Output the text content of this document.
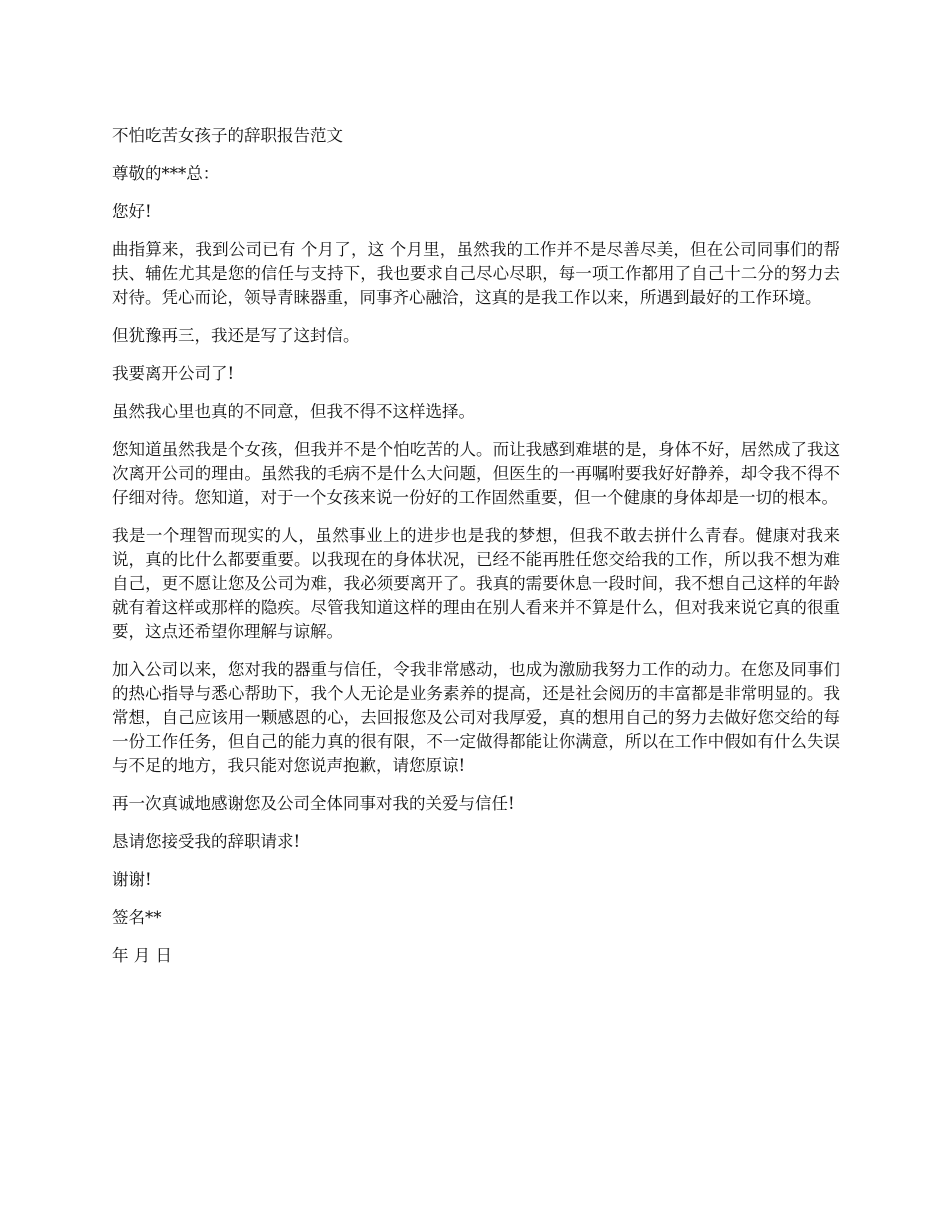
不怕吃苦女孩子的辞职报告范文

尊敬的***总：

您好!

曲指算来，我到公司已有 个月了，这 个月里，虽然我的工作并不是尽善尽美，但在公司同事们的帮扶、辅佐尤其是您的信任与支持下，我也要求自己尽心尽职，每一项工作都用了自己十二分的努力去对待。凭心而论，领导青睐器重，同事齐心融洽，这真的是我工作以来，所遇到最好的工作环境。

但犹豫再三，我还是写了这封信。

我要离开公司了!

虽然我心里也真的不同意，但我不得不这样选择。

您知道虽然我是个女孩，但我并不是个怕吃苦的人。而让我感到难堪的是，身体不好，居然成了我这次离开公司的理由。虽然我的毛病不是什么大问题，但医生的一再嘱咐要我好好静养，却令我不得不仔细对待。您知道，对于一个女孩来说一份好的工作固然重要，但一个健康的身体却是一切的根本。

我是一个理智而现实的人，虽然事业上的进步也是我的梦想，但我不敢去拼什么青春。健康对我来说，真的比什么都要重要。以我现在的身体状况，已经不能再胜任您交给我的工作，所以我不想为难自己，更不愿让您及公司为难，我必须要离开了。我真的需要休息一段时间，我不想自己这样的年龄就有着这样或那样的隐疾。尽管我知道这样的理由在别人看来并不算是什么，但对我来说它真的很重要，这点还希望你理解与谅解。

加入公司以来，您对我的器重与信任，令我非常感动，也成为激励我努力工作的动力。在您及同事们的热心指导与悉心帮助下，我个人无论是业务素养的提高，还是社会阅历的丰富都是非常明显的。我常想，自己应该用一颗感恩的心，去回报您及公司对我厚爱，真的想用自己的努力去做好您交给的每一份工作任务，但自己的能力真的很有限，不一定做得都能让你满意，所以在工作中假如有什么失误与不足的地方，我只能对您说声抱歉，请您原谅!

再一次真诚地感谢您及公司全体同事对我的关爱与信任!

恳请您接受我的辞职请求!

谢谢!

签名**

年 月 日
